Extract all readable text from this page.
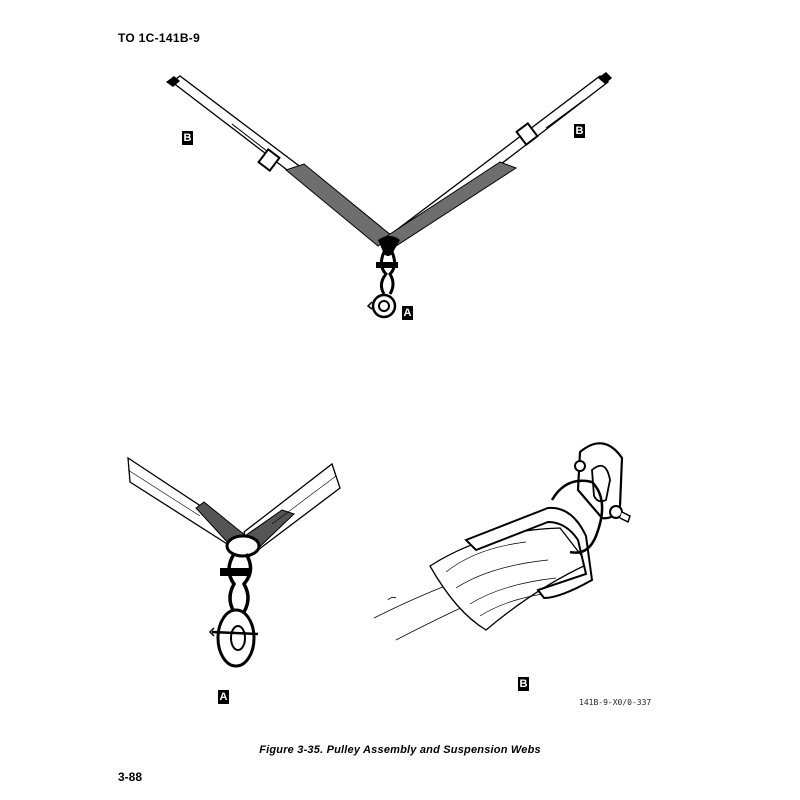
TO 1C-141B-9
B
B
A
A
B
141B-9-X0/0-337
Figure 3-35. Pulley Assembly and Suspension Webs
3-88
